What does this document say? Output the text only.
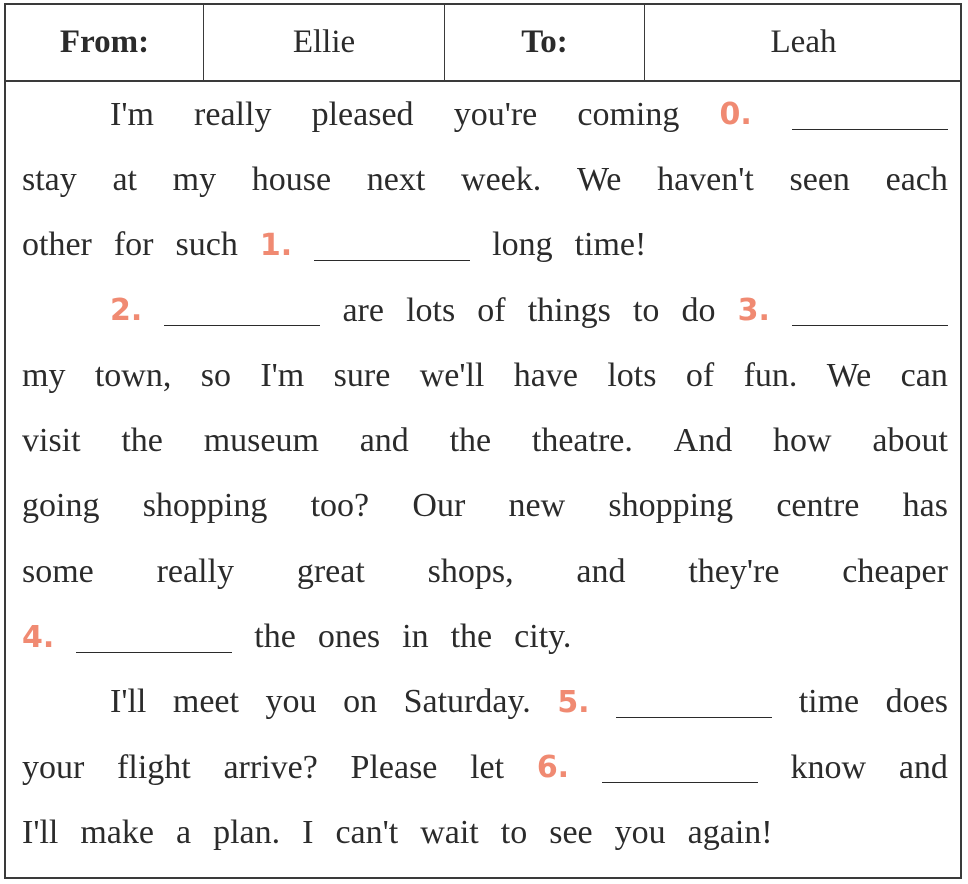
From:	Ellie	To:	Leah
I'm really pleased you're coming 0.
stay at my house next week. We haven't seen each
other for such 1.	long time!
2.	are lots of things to do 3.
my town, so I'm sure we'll have lots of fun. We can
visit the museum and the theatre. And how about
going shopping too? Our new shopping centre has
some really great shops, and they're cheaper
4.	the ones in the city.
I'll meet you on Saturday. 5.	time does
your flight arrive? Please let 6.	know and
I'll make a plan. I can't wait to see you again!
